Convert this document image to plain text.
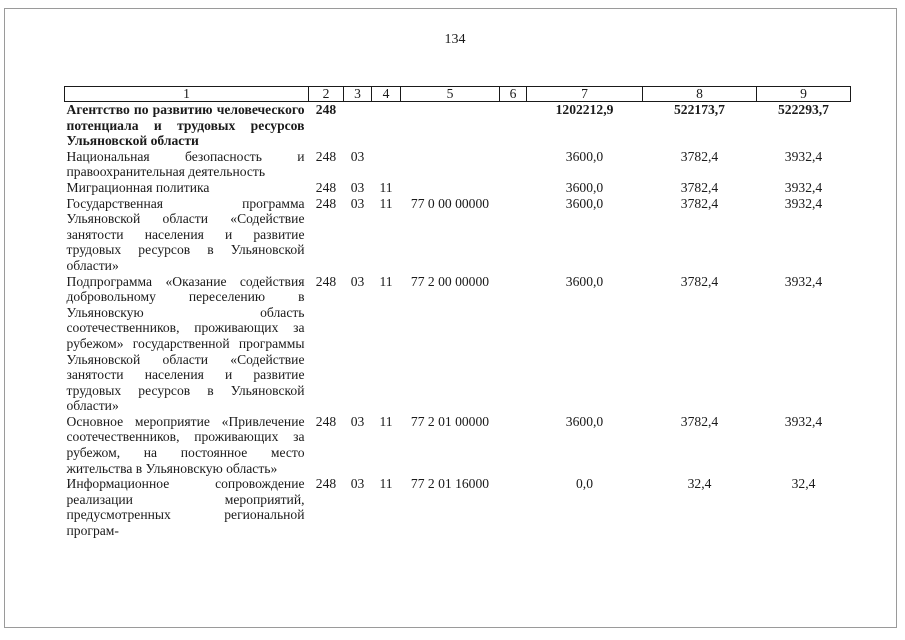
134
1	2	3	4	5	6	7	8	9
Агентство по развитию человеческого потенциала и трудовых ресурсов Ульяновской области	248					1202212,9	522173,7	522293,7
Национальная безопасность и правоохранительная деятельность	248	03				3600,0	3782,4	3932,4
Миграционная политика	248	03	11			3600,0	3782,4	3932,4
Государственная программа Ульяновской области «Содействие занятости населения и развитие трудовых ресурсов в Ульяновской области»	248	03	11	77 0 00 00000		3600,0	3782,4	3932,4
Подпрограмма «Оказание содействия добровольному переселению в Ульяновскую область соотечественников, проживающих за рубежом» государственной программы Ульяновской области «Содействие занятости населения и развитие трудовых ресурсов в Ульяновской области»	248	03	11	77 2 00 00000		3600,0	3782,4	3932,4
Основное мероприятие «Привлечение соотечественников, проживающих за рубежом, на постоянное место жительства в Ульяновскую область»	248	03	11	77 2 01 00000		3600,0	3782,4	3932,4
Информационное сопровождение реализации мероприятий, предусмотренных региональной програм-	248	03	11	77 2 01 16000		0,0	32,4	32,4
